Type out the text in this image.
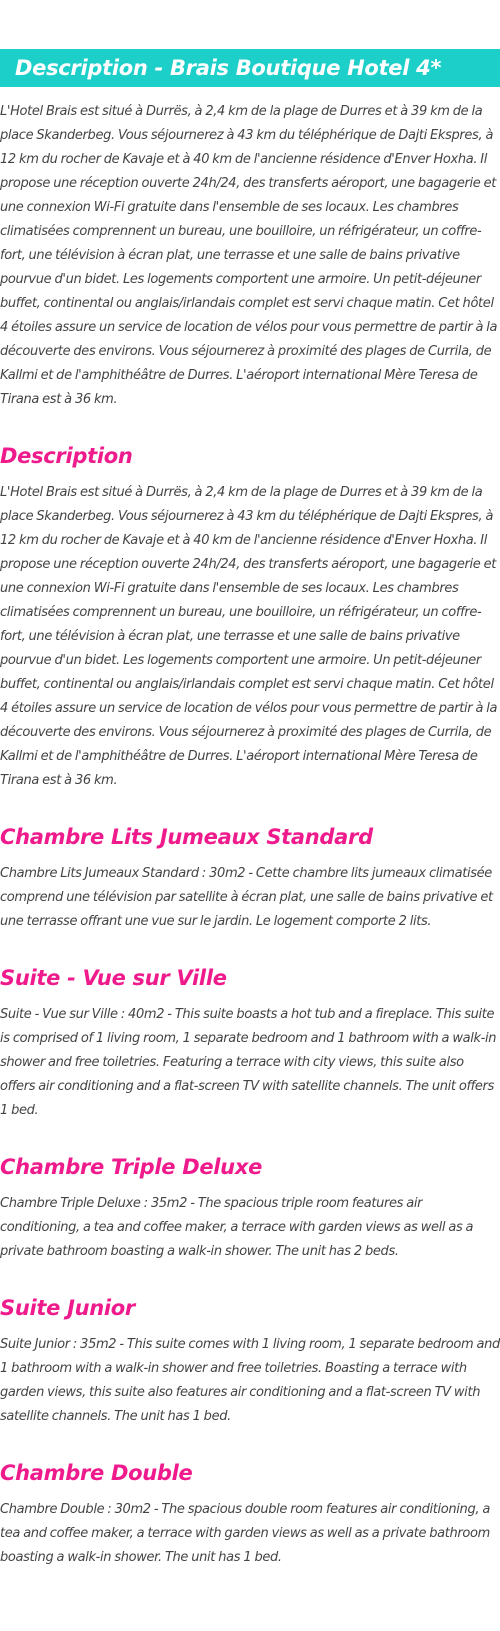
Description - Brais Boutique Hotel 4*

L'Hotel Brais est situé à Durrës, à 2,4 km de la plage de Durres et à 39 km de la place Skanderbeg. Vous séjournerez à 43 km du téléphérique de Dajti Ekspres, à 12 km du rocher de Kavaje et à 40 km de l'ancienne résidence d'Enver Hoxha. Il propose une réception ouverte 24h/24, des transferts aéroport, une bagagerie et une connexion Wi-Fi gratuite dans l'ensemble de ses locaux. Les chambres climatisées comprennent un bureau, une bouilloire, un réfrigérateur, un coffre-fort, une télévision à écran plat, une terrasse et une salle de bains privative pourvue d'un bidet. Les logements comportent une armoire. Un petit-déjeuner buffet, continental ou anglais/irlandais complet est servi chaque matin. Cet hôtel 4 étoiles assure un service de location de vélos pour vous permettre de partir à la découverte des environs. Vous séjournerez à proximité des plages de Currila, de Kallmi et de l'amphithéâtre de Durres. L'aéroport international Mère Teresa de Tirana est à 36 km.

Description

L'Hotel Brais est situé à Durrës, à 2,4 km de la plage de Durres et à 39 km de la place Skanderbeg. Vous séjournerez à 43 km du téléphérique de Dajti Ekspres, à 12 km du rocher de Kavaje et à 40 km de l'ancienne résidence d'Enver Hoxha. Il propose une réception ouverte 24h/24, des transferts aéroport, une bagagerie et une connexion Wi-Fi gratuite dans l'ensemble de ses locaux. Les chambres climatisées comprennent un bureau, une bouilloire, un réfrigérateur, un coffre-fort, une télévision à écran plat, une terrasse et une salle de bains privative pourvue d'un bidet. Les logements comportent une armoire. Un petit-déjeuner buffet, continental ou anglais/irlandais complet est servi chaque matin. Cet hôtel 4 étoiles assure un service de location de vélos pour vous permettre de partir à la découverte des environs. Vous séjournerez à proximité des plages de Currila, de Kallmi et de l'amphithéâtre de Durres. L'aéroport international Mère Teresa de Tirana est à 36 km.

Chambre Lits Jumeaux Standard

Chambre Lits Jumeaux Standard : 30m2 - Cette chambre lits jumeaux climatisée comprend une télévision par satellite à écran plat, une salle de bains privative et une terrasse offrant une vue sur le jardin. Le logement comporte 2 lits.

Suite - Vue sur Ville

Suite - Vue sur Ville : 40m2 - This suite boasts a hot tub and a fireplace. This suite is comprised of 1 living room, 1 separate bedroom and 1 bathroom with a walk-in shower and free toiletries. Featuring a terrace with city views, this suite also offers air conditioning and a flat-screen TV with satellite channels. The unit offers 1 bed.

Chambre Triple Deluxe

Chambre Triple Deluxe : 35m2 - The spacious triple room features air conditioning, a tea and coffee maker, a terrace with garden views as well as a private bathroom boasting a walk-in shower. The unit has 2 beds.

Suite Junior

Suite Junior : 35m2 - This suite comes with 1 living room, 1 separate bedroom and 1 bathroom with a walk-in shower and free toiletries. Boasting a terrace with garden views, this suite also features air conditioning and a flat-screen TV with satellite channels. The unit has 1 bed.

Chambre Double

Chambre Double : 30m2 - The spacious double room features air conditioning, a tea and coffee maker, a terrace with garden views as well as a private bathroom boasting a walk-in shower. The unit has 1 bed.
